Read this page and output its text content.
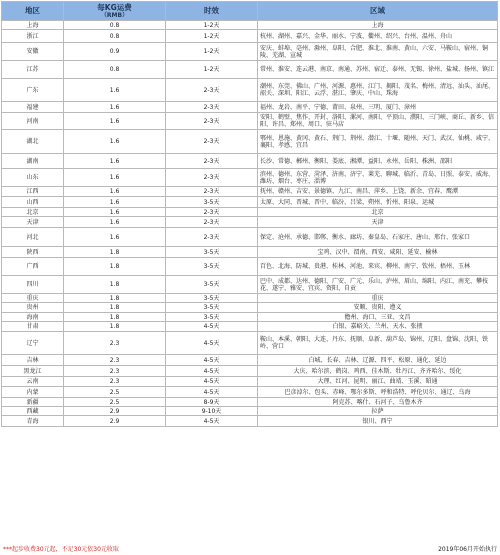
地区	每KG运费
（RMB）	时效	区域
上海	0.8	1-2天	上海
浙江	0.8	1-2天	杭州、湖州、嘉兴、金华、丽水、宁波、衢州、绍兴、台州、温州、舟山
安徽	0.9	1-2天	安庆、蚌埠、亳州、滁州、阜阳、合肥、淮北、淮南、黄山、六安、马鞍山、宿州、铜陵、芜湖、宣城
江苏	0.8	1-2天	常州、淮安、连云港、南京、南通、苏州、宿迁、泰州、无锡、徐州、盐城、扬州、镇江
广东	1.6	2-3天	潮州、东莞、佛山、广州、河源、惠州、江门、揭阳、茂名、梅州、清远、汕头、汕尾、韶关、深圳、阳江、云浮、湛江、肇庆、中山、珠海
福建	1.6	2-3天	福州、龙岩、南平、宁德、莆田、泉州、三明、厦门、漳州
河南	1.6	2-3天	安阳、鹤壁、焦作、开封、洛阳、漯河、南阳、平顶山、濮阳、三门峡、商丘、新乡、信阳、许昌、郑州、周口、驻马店
湖北	1.6	2-3天	鄂州、恩施、黄冈、黄石、荆门、荆州、潜江、十堰、随州、天门、武汉、仙桃、咸宁、襄阳、孝感、宜昌
湖南	1.6	2-3天	长沙、常德、郴州、衡阳、娄底、湘潭、益阳、永州、岳阳、株洲、邵阳
山东	1.6	2-3天	滨州、德州、东营、菏泽、济南、济宁、莱芜、聊城、临沂、青岛、日照、泰安、威海、潍坊、烟台、枣庄、淄博
江西	1.6	2-3天	抚州、赣州、吉安、景德镇、九江、南昌、萍乡、上饶、新余、宜春、鹰潭
山西	1.6	3-5天	太原、大同、晋城、晋中、临汾、吕梁、朔州、忻州、阳泉、运城
北京	1.6	2-3天	北京
天津	1.6	2-3天	天津
河北	1.6	2-3天	保定、沧州、承德、邯郸、衡水、廊坊、秦皇岛、石家庄、唐山、邢台、张家口
陕西	1.8	3-5天	宝鸡、汉中、渭南、西安、咸阳、延安、榆林
广西	1.8	3-5天	百色、北海、防城、贵港、桂林、河池、来宾、柳州、南宁、钦州、梧州、玉林
四川	1.8	3-5天	巴中、成都、达州、德阳、广安、广元、乐山、泸州、眉山、绵阳、内江、南充、攀枝花、遂宁、雅安、宜宾、资阳、自贡
重庆	1.8	3-5天	重庆
贵州	1.8	3-5天	安顺、贵阳、遵义
海南	1.8	3-5天	儋州、海口、三亚、文昌
甘肃	1.8	4-5天	白银、嘉峪关、兰州、天水、张掖
辽宁	2.3	4-5天	鞍山、本溪、朝阳、大连、丹东、抚顺、阜新、葫芦岛、锦州、辽阳、盘锦、沈阳、铁岭、营口
吉林	2.3	4-5天	白城、长春、吉林、辽源、四平、松原、通化、延边
黑龙江	2.3	4-5天	大庆、哈尔滨、鹤岗、鸡西、佳木斯、牡丹江、齐齐哈尔、绥化
云南	2.3	4-5天	大理、红河、昆明、丽江、曲靖、玉溪、昭通
内蒙	2.5	4-5天	巴彦淖尔、包头、赤峰、鄂尔多斯、呼和浩特、呼伦贝尔、通辽、乌海
新疆	2.5	8-9天	阿克苏、喀什、石河子、乌鲁木齐
西藏	2.9	9-10天	拉萨
青海	2.9	4-5天	银川、西宁
***起步收费30元起，不足30元依30元收取	2019年06月开始执行
